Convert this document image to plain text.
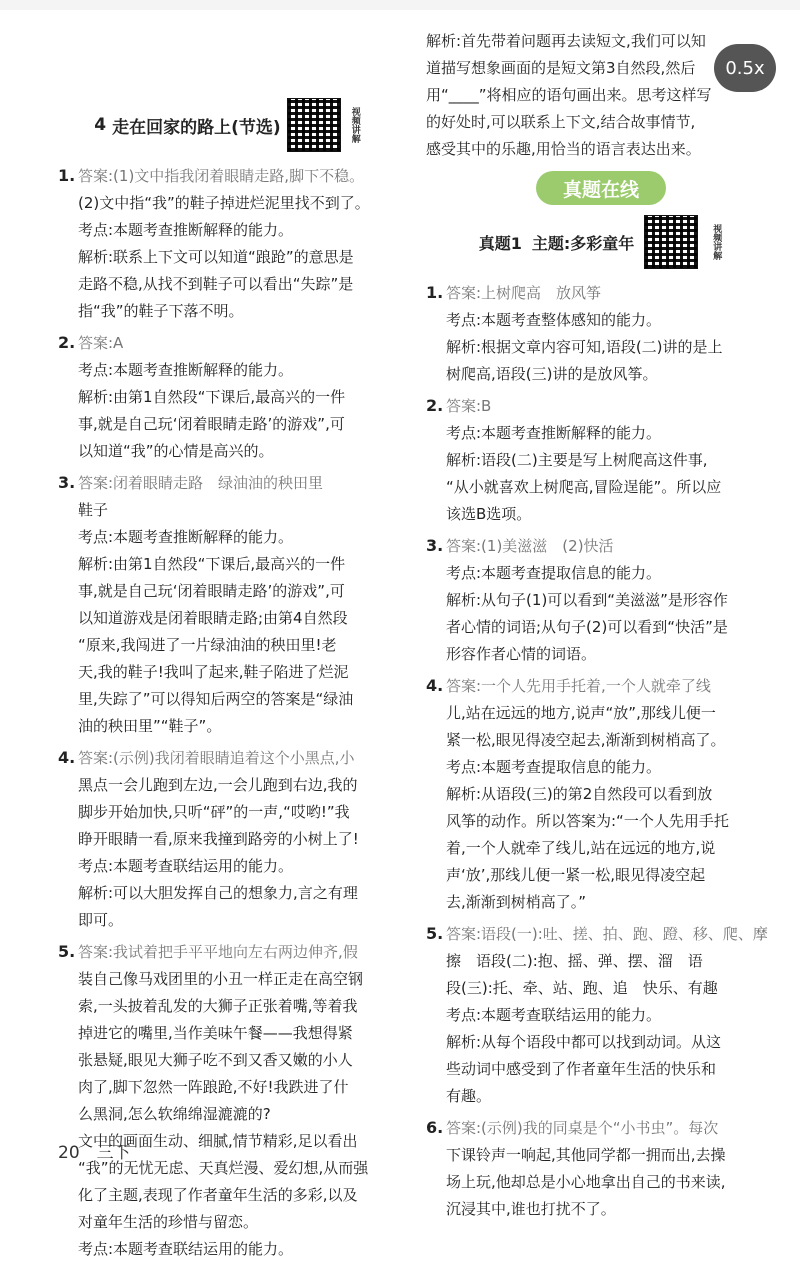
0.5x
4 走在回家的路上(节选)	视频讲解
1. 答案:(1)文中指我闭着眼睛走路,脚下不稳。
(2)文中指“我”的鞋子掉进烂泥里找不到了。
考点:本题考查推断解释的能力。
解析:联系上下文可以知道“踉跄”的意思是
走路不稳,从找不到鞋子可以看出“失踪”是
指“我”的鞋子下落不明。
2. 答案:A
考点:本题考查推断解释的能力。
解析:由第1自然段“下课后,最高兴的一件
事,就是自己玩‘闭着眼睛走路’的游戏”,可
以知道“我”的心情是高兴的。
3. 答案:闭着眼睛走路　绿油油的秧田里
鞋子
考点:本题考查推断解释的能力。
解析:由第1自然段“下课后,最高兴的一件
事,就是自己玩‘闭着眼睛走路’的游戏”,可
以知道游戏是闭着眼睛走路;由第4自然段
“原来,我闯进了一片绿油油的秧田里!老
天,我的鞋子!我叫了起来,鞋子陷进了烂泥
里,失踪了”可以得知后两空的答案是“绿油
油的秧田里”“鞋子”。
4. 答案:(示例)我闭着眼睛追着这个小黑点,小
黑点一会儿跑到左边,一会儿跑到右边,我的
脚步开始加快,只听“砰”的一声,“哎哟!”我
睁开眼睛一看,原来我撞到路旁的小树上了!
考点:本题考查联结运用的能力。
解析:可以大胆发挥自己的想象力,言之有理
即可。
5. 答案:我试着把手平平地向左右两边伸齐,假
装自己像马戏团里的小丑一样正走在高空钢
索,一头披着乱发的大狮子正张着嘴,等着我
掉进它的嘴里,当作美味午餐——我想得紧
张悬疑,眼见大狮子吃不到又香又嫩的小人
肉了,脚下忽然一阵踉跄,不好!我跌进了什
么黑洞,怎么软绵绵湿漉漉的?
文中的画面生动、细腻,情节精彩,足以看出
“我”的无忧无虑、天真烂漫、爱幻想,从而强
化了主题,表现了作者童年生活的多彩,以及
对童年生活的珍惜与留恋。
考点:本题考查联结运用的能力。
解析:首先带着问题再去读短文,我们可以知
道描写想象画面的是短文第3自然段,然后
用“____”将相应的语句画出来。思考这样写
的好处时,可以联系上下文,结合故事情节,
感受其中的乐趣,用恰当的语言表达出来。
真题在线
真题1 主题:多彩童年	视频讲解
1. 答案:上树爬高　放风筝
考点:本题考查整体感知的能力。
解析:根据文章内容可知,语段(二)讲的是上
树爬高,语段(三)讲的是放风筝。
2. 答案:B
考点:本题考查推断解释的能力。
解析:语段(二)主要是写上树爬高这件事,
“从小就喜欢上树爬高,冒险逞能”。所以应
该选B选项。
3. 答案:(1)美滋滋　(2)快活
考点:本题考查提取信息的能力。
解析:从句子(1)可以看到“美滋滋”是形容作
者心情的词语;从句子(2)可以看到“快活”是
形容作者心情的词语。
4. 答案:一个人先用手托着,一个人就牵了线
儿,站在远远的地方,说声“放”,那线儿便一
紧一松,眼见得凌空起去,渐渐到树梢高了。
考点:本题考查提取信息的能力。
解析:从语段(三)的第2自然段可以看到放
风筝的动作。所以答案为:“一个人先用手托
着,一个人就牵了线儿,站在远远的地方,说
声‘放’,那线儿便一紧一松,眼见得凌空起
去,渐渐到树梢高了。”
5. 答案:语段(一):吐、搓、拍、跑、蹬、移、爬、摩
擦　语段(二):抱、摇、弹、摆、溜　语
段(三):托、牵、站、跑、追　快乐、有趣
考点:本题考查联结运用的能力。
解析:从每个语段中都可以找到动词。从这
些动词中感受到了作者童年生活的快乐和
有趣。
6. 答案:(示例)我的同桌是个“小书虫”。每次
下课铃声一响起,其他同学都一拥而出,去操
场上玩,他却总是小心地拿出自己的书来读,
沉浸其中,谁也打扰不了。
20　三下
